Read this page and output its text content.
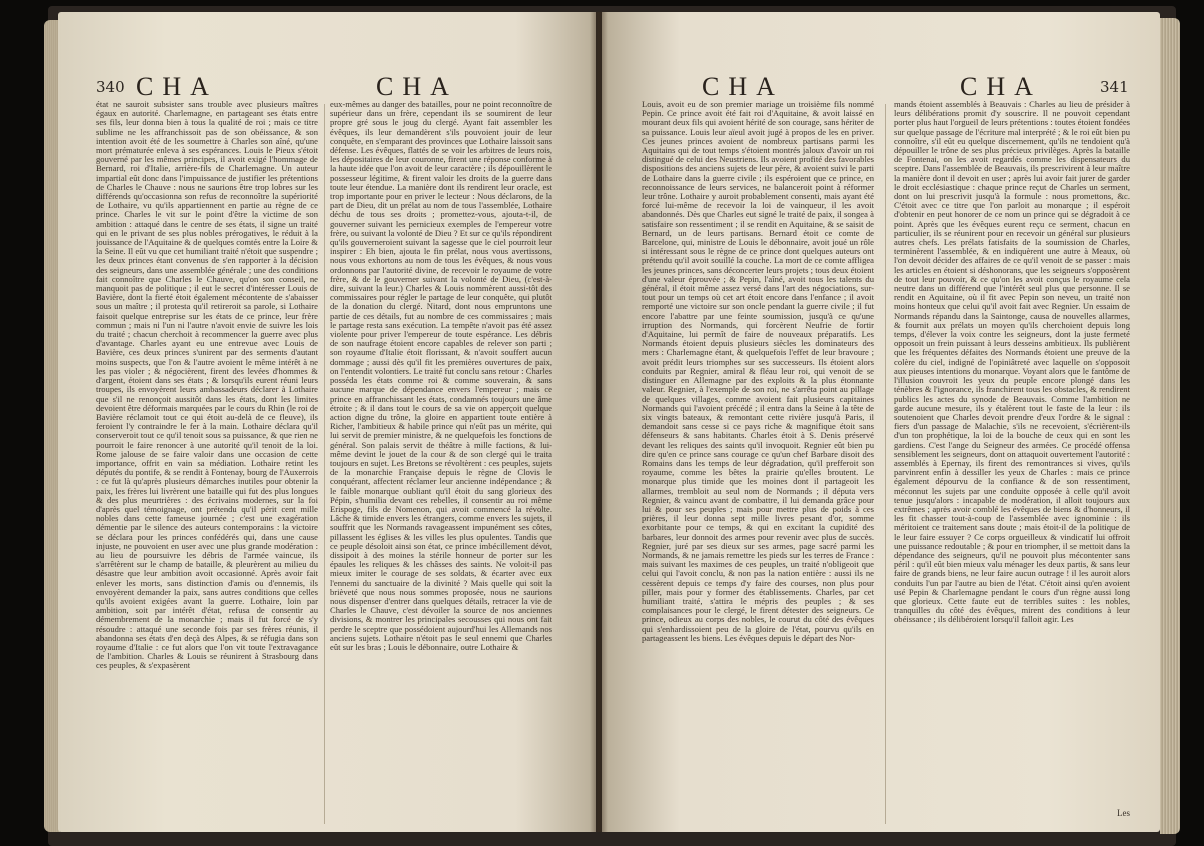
340 CHA	CHA

état ne sauroit subsister sans trouble avec plusieurs maîtres égaux en autorité. Charlemagne, en partageant ses états entre ses fils, leur donna bien à tous la qualité de roi ; mais ce titre sublime ne les affranchissoit pas de son obéissance, & son intention avoit été de les soumettre à Charles son aîné, qu'une mort prématurée enleva à ses espérances. Louis le Pieux s'étoit gouverné par les mêmes principes, il avoit exigé l'hommage de Bernard, roi d'Italie, arrière-fils de Charlemagne. Un auteur impartial eût donc dans l'impuissance de justifier les prétentions de Charles le Chauve : nous ne saurions être trop lobres sur les différends qu'occasionna son refus de reconnoître la supériorité de Lothaire, vu qu'ils appartiennent en partie au règne de ce prince. Charles le vit sur le point d'être la victime de son ambition : attaqué dans le centre de ses états, il signe un traité qui en le privant de ses plus nobles prérogatives, le réduit à la jouissance de l'Aquitaine & de quelques comtés entre la Loire & la Seine. Il eût vu que cet humiliant traité n'étoit que suspendre ; les deux princes étant convenus de s'en rapporter à la décision des seigneurs, dans une assemblée générale ; une des conditions fait connoître que Charles le Chauve, qu'on son conseil, ne manquoit pas de politique ; il eut le secret d'intéresser Louis de Bavière, dont la fierté étoit également mécontente de s'abaisser sous un maître ; il protesta qu'il retireroit sa parole, si Lothaire faisoit quelque entreprise sur les états de ce prince, leur frère commun ; mais ni l'un ni l'autre n'avoit envie de suivre les lois du traité ; chacun cherchoit à recommencer la guerre avec plus d'avantage. Charles ayant eu une entrevue avec Louis de Bavière, ces deux princes s'unirent par des serments d'autant moins suspects, que l'on & l'autre avoient le même intérêt à ne les pas violer ; & négocièrent, firent des levées d'hommes & d'argent, étoient dans ses états ; & lorsqu'ils eurent réuni leurs troupes, ils envoyèrent leurs ambassadeurs déclarer à Lothaire que s'il ne renonçoit aussitôt dans les états, dont les limites devoient être déformais marquées par le cours du Rhin (le roi de Bavière réclamoit tout ce qui étoit au-delà de ce fleuve), ils feroient l'y contraindre le fer à la main. Lothaire déclara qu'il conserveroit tout ce qu'il tenoit sous sa puissance, & que rien ne pourroit le faire renoncer à une autorité qu'il tenoit de la loi. Rome jalouse de se faire valoir dans une occasion de cette importance, offrit en vain sa médiation. Lothaire retint les députés du pontife, & se rendit à Fontenay, bourg de l'Auxerrois : ce fut là qu'après plusieurs démarches inutiles pour obtenir la paix, les frères lui livrèrent une bataille qui fut des plus longues & des plus meurtrières : des écrivains modernes, sur la foi d'après quel témoignage, ont prétendu qu'il périt cent mille nobles dans cette fameuse journée ; c'est une exagération démentie par le silence des auteurs contemporains : la victoire se déclara pour les princes confédérés qui, dans une cause injuste, ne pouvoient en user avec une plus grande modération : au lieu de poursuivre les débris de l'armée vaincue, ils s'arrêtèrent sur le champ de bataille, & pleurèrent au milieu du désastre que leur ambition avoit occasionné. Après avoir fait enlever les morts, sans distinction d'amis ou d'ennemis, ils envoyèrent demander la paix, sans autres conditions que celles qu'ils avoient exigées avant la guerre. Lothaire, loin par ambition, soit par intérêt d'état, refusa de consentir au démembrement de la monarchie ; mais il fut forcé de s'y résoudre : attaqué une seconde fois par ses frères réunis, il abandonna ses états d'en deçà des Alpes, & se réfugia dans son royaume d'Italie : ce fut alors que l'on vit toute l'extravagance de l'ambition. Charles & Louis se réunirent à Strasbourg dans ces peuples, & s'expasèrent

eux-mêmes au danger des batailles, pour ne point reconnoître de supérieur dans un frère, cependant ils se soumirent de leur propre gré sous le joug du clergé. Ayant fait assembler les évêques, ils leur demandèrent s'ils pouvoient jouir de leur conquête, en s'emparant des provinces que Lothaire laissoit sans défense. Les évêques, flattés de se voir les arbitres de leurs rois, les dépositaires de leur couronne, firent une réponse conforme à la haute idée que l'on avoit de leur caractère ; ils dépouillèrent le possesseur légitime, & firent valoir les droits de la guerre dans toute leur étendue. La manière dont ils rendirent leur oracle, est trop importante pour en priver le lecteur : Nous déclarons, de la part de Dieu, dit un prélat au nom de tous l'assemblée, Lothaire déchu de tous ses droits ; promettez-vous, ajouta-t-il, de gouverner suivant les pernicieux exemples de l'empereur votre frère, ou suivant la volonté de Dieu ? Et sur ce qu'ils répondirent qu'ils gouverneroient suivant la sagesse que le ciel pourroit leur inspirer : Eh bien, ajouta le fin prélat, nous vous avertissons, nous vous exhortons au nom de tous les évêques, & nous vous ordonnons par l'autorité divine, de recevoir le royaume de votre frère, & de le gouverner suivant la volonté de Dieu, (c'est-à-dire, suivant la leur.) Charles & Louis nommèrent aussi-tôt des commissaires pour régler le partage de leur conquête, qui plutôt de la donation du clergé. Nitard, dont nous empruntons une partie de ces détails, fut au nombre de ces commissaires ; mais le partage resta sans exécution. La tempête n'avoit pas été assez violente pour priver l'empereur de toute espérance. Les débris de son naufrage étoient encore capables de relever son parti ; son royaume d'Italie étoit florissant, & n'avoit souffert aucun dommage ; aussi dès qu'il fit les premières ouvertures de paix, on l'entendit volontiers. Le traité fut conclu sans retour : Charles posséda les états comme roi & comme souverain, & sans aucune marque de dépendance envers l'empereur ; mais ce prince en affranchissant les états, condamnés toujours une âme étroite ; & il dans tout le cours de sa vie on apperçoit quelque action digne du trône, la gloire en appartient toute entière à Richer, l'ambitieux & habile prince qui n'eût pas un mérite, qui lui servit de premier ministre, & ne quelquefois les fonctions de général. Son palais servit de théâtre à mille factions, & lui-même devint le jouet de la cour & de son clergé qui le traita toujours en sujet. Les Bretons se révoltèrent : ces peuples, sujets de la monarchie Française depuis le règne de Clovis le conquérant, affectent réclamer leur ancienne indépendance ; & le faible monarque oubliant qu'il étoit du sang glorieux des Pépin, s'humilia devant ces rebelles, il consentir au roi même Erispoge, fils de Nomenon, qui avoit commencé la révolte. Lâche & timide envers les étrangers, comme envers les sujets, il souffrit que les Normands ravageassent impunément ses côtes, pillassent les églises & les villes les plus opulentes. Tandis que ce peuple désoloit ainsi son état, ce prince imbécillement dévot, dissipoit à des moines la stérile honneur de porter sur les épaules les reliques & les châsses des saints. Ne voloit-il pas mieux imiter le courage de ses soldats, & écarter avec eux l'ennemi du sanctuaire de la divinité ? Mais quelle qui soit la brièveté que nous nous sommes proposée, nous ne saurions nous dispenser d'entrer dans quelques détails, retracer la vie de Charles le Chauve, c'est dévoiler la source de nos anciennes divisions, & montrer les principales secousses qui nous ont fait perdre le sceptre que possédoient aujourd'hui les Allemands nos anciens sujets. Lothaire n'étoit pas le seul ennemi que Charles eût sur les bras ; Louis le débonnaire, outre Lothaire &

CHA	CHA	341

Louis, avoit eu de son premier mariage un troisième fils nommé Pepin. Ce prince avoit été fait roi d'Aquitaine, & avoit laissé en mourant deux fils qui avoient hérité de son courage, sans hériter de sa puissance. Louis leur aïeul avoit jugé à propos de les en priver. Ces jeunes princes avoient de nombreux partisans parmi les Aquitains qui de tout temps s'étoient montrés jaloux d'avoir un roi distingué de celui des Neustriens. Ils avoient profité des favorables dispositions des anciens sujets de leur père, & avoient suivi le parti de Lothaire dans la guerre civile ; ils espéroient que ce prince, en reconnoissance de leurs services, ne balanceroit point à réformer leur trône. Lothaire y auroit probablement consenti, mais ayant été forcé lui-même de recevoir la loi de vainqueur, il les avoit abandonnés. Dès que Charles eut signé le traité de paix, il songea à satisfaire son ressentiment ; il se rendit en Aquitaine, & se saisit de Bernard, un de leurs partisans. Bernard étoit ce comte de Barcelone, qui, ministre de Louis le débonnaire, avoit joué un rôle si intéressant sous le règne de ce prince dont quelques auteurs ont prétendu qu'il avoit souillé la couche. La mort de ce comte affligea les jeunes princes, sans déconcerter leurs projets ; tous deux étoient d'une valeur éprouvée ; & Pepin, l'aîné, avoit tous les talents du général, il étoit même assez versé dans l'art des négociations, sur-tout pour un temps où cet art étoit encore dans l'enfance ; il avoit remporté une victoire sur son oncle pendant la guerre civile ; il fut encore l'abattre par une feinte soumission, jusqu'à ce qu'une irruption des Normands, qui forcèrent Neufrie de fortir d'Aquitaine, lui permît de faire de nouveaux préparatifs. Les Normands étoient depuis plusieurs siècles les dominateurs des mers : Charlemagne étant, & quelquefois l'effet de leur bravoure ; avoit prédit leurs triomphes sur ses successeurs. Ils étoient alors conduits par Regnier, amiral & fléau leur roi, qui venoit de se distinguer en Allemagne par des exploits & la plus étonnante valeur. Regnier, à l'exemple de son roi, ne s'arrêta point au pillage de quelques villages, comme avoient fait plusieurs capitaines Normands qui l'avoient précédé ; il entra dans la Seine à la tête de six vingts bateaux, & remontant cette rivière jusqu'à Paris, il demandoit sans cesse si ce pays riche & magnifique étoit sans défenseurs & sans habitants. Charles étoit à S. Denis préservé devant les reliques des saints qu'il invoquoit. Regnier eût bien pu dire qu'en ce prince sans courage ce qu'un chef Barbare disoit des Romains dans les temps de leur dégradation, qu'il prefferoit son royaume, comme les bêtes la prairie qu'elles broutent. Le monarque plus timide que les moines dont il partageoit les allarmes, trembloit au seul nom de Normands ; il députa vers Regnier, & vaincu avant de combattre, il lui demanda grâce pour lui & pour ses peuples ; mais pour mettre plus de poids à ces prières, il leur donna sept mille livres pesant d'or, somme exorbitante pour ce temps, & qui en excitant la cupidité des barbares, leur donnoit des armes pour revenir avec plus de succès. Regnier, juré par ses dieux sur ses armes, page sacré parmi les Normands, & ne jamais remettre les pieds sur les terres de France : mais suivant les maximes de ces peuples, un traité n'obligeoit que celui qui l'avoit conclu, & non pas la nation entière : aussi ils ne cessèrent depuis ce temps d'y faire des courses, non plus pour piller, mais pour y former des établissements. Charles, par cet humiliant traité, s'attira le mépris des peuples ; & ses complaisances pour le clergé, le firent détester des seigneurs. Ce prince, odieux au corps des nobles, le courut du côté des évêques qui s'enhardissoient peu de la gloire de l'état, pourvu qu'ils en partageassent les biens. Les évêques depuis le départ des Nor-

mands étoient assemblés à Beauvais : Charles au lieu de présider à leurs délibérations promit d'y souscrire. Il ne pouvoit cependant porter plus haut l'orgueil de leurs prétentions : toutes étoient fondées sur quelque passage de l'écriture mal interprété ; & le roi eût bien pu connoître, s'il eût eu quelque discernement, qu'ils ne tendoient qu'à dépouiller le trône de ses plus précieux privilèges. Après la bataille de Fontenai, on les avoit regardés comme les dispensateurs du sceptre. Dans l'assemblée de Beauvais, ils prescrivirent à leur maître la manière dont il devoit en user ; après lui avoir fait jurer de garder le droit ecclésiastique : chaque prince reçut de Charles un serment, dont on lui prescrivit jusqu'à la formule : nous promettons, &c. C'étoit avec ce titre que l'on parloit au monarque ; il espéroit d'obtenir en peut honorer de ce nom un prince qui se dégradoit à ce point. Après que les évêques eurent reçu ce serment, chacun en particulier, ils se réunirent pour en recevoir un général sur plusieurs autres chefs. Les prélats fatisfaits de la soumission de Charles, terminèrent l'assemblée, & en indiquèrent une autre à Meaux, où l'on devoit décider des affaires de ce qu'il venoit de se passer : mais les articles en étoient si déshonorans, que les seigneurs s'opposèrent de tout leur pouvoir, & ce qu'on les avoit conçus le royaume cela neutre dans un différend que l'intérêt seul plus que personne. Il se rendit en Aquitaine, où il fit avec Pepin son neveu, un traité non moins honteux que celui qu'il avoit fait avec Regnier. Un essaim de Normands répandu dans la Saintonge, causa de nouvelles allarmes, & fournit aux prélats un moyen qu'ils cherchoient depuis long temps, d'élever la voix contre les seigneurs, dont la juste fermeté opposoit un frein puissant à leurs desseins ambitieux. Ils publièrent que les fréquentes défaites des Normands étoient une preuve de la colère du ciel, indigné de l'opiniâtreté avec laquelle on s'opposoit aux pieuses intentions du monarque. Voyant alors que le fantôme de l'illusion couvroit les yeux du peuple encore plongé dans les ténèbres & l'ignorance, ils franchirent tous les obstacles, & rendirent publics les actes du synode de Beauvais. Comme l'ambition ne garde aucune mesure, ils y étalèrent tout le faste de la leur : ils soutenoient que Charles devoit prendre d'eux l'ordre & le signal : fiers d'un passage de Malachie, s'ils ne recevoient, s'écrièrent-ils d'un ton prophétique, la loi de la bouche de ceux qui en sont les gardiens. C'est l'ange du Seigneur des armées. Ce procédé offensa sensiblement les seigneurs, dont on attaquoit ouvertement l'autorité : assemblés à Epernay, ils firent des remontrances si vives, qu'ils parvinrent enfin à dessiller les yeux de Charles : mais ce prince également dépourvu de la confiance & de son ressentiment, méconnut les sujets par une conduite opposée à celle qu'il avoit tenue jusqu'alors : incapable de modération, il alloit toujours aux extrêmes ; après avoir comblé les évêques de biens & d'honneurs, il les fit chasser tout-à-coup de l'assemblée avec ignominie : ils méritoient ce traitement sans doute ; mais étoit-il de la politique de le leur faire essuyer ? Ce corps orgueilleux & vindicatif lui offroit une puissance redoutable ; & pour en triompher, il se mettoit dans la dépendance des seigneurs, qu'il ne pouvoit plus mécontenter sans péril : qu'il eût bien mieux valu ménager les deux partis, & sans leur faire de grands biens, ne leur faire aucun outrage ! il les auroit alors conduits l'un par l'autre au bien de l'état. C'étoit ainsi qu'en avoient usé Pepin & Charlemagne pendant le cours d'un règne aussi long que glorieux. Cette faute eut de terribles suites : les nobles, tranquilles du côté des évêques, mirent des conditions à leur obéissance ; ils délibéroient lorsqu'il falloit agir. Les

Les
